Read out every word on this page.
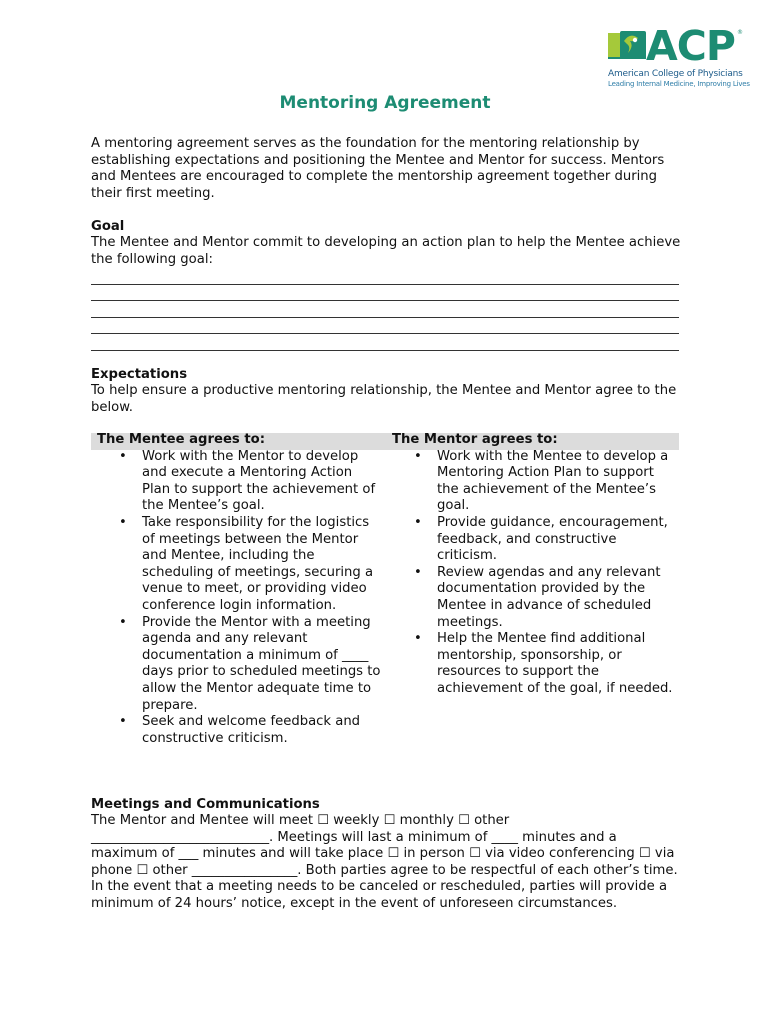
ACP ®
American College of Physicians
Leading Internal Medicine, Improving Lives
Mentoring Agreement

A mentoring agreement serves as the foundation for the mentoring relationship by establishing expectations and positioning the Mentee and Mentor for success. Mentors and Mentees are encouraged to complete the mentorship agreement together during their first meeting.

Goal

The Mentee and Mentor commit to developing an action plan to help the Mentee achieve the following goal:

Expectations

To help ensure a productive mentoring relationship, the Mentee and Mentor agree to the below.

The Mentee agrees to:

• Work with the Mentor to develop and execute a Mentoring Action Plan to support the achievement of the Mentee’s goal.
• Take responsibility for the logistics of meetings between the Mentor and Mentee, including the scheduling of meetings, securing a venue to meet, or providing video conference login information.
• Provide the Mentor with a meeting agenda and any relevant documentation a minimum of ____ days prior to scheduled meetings to allow the Mentor adequate time to prepare.
• Seek and welcome feedback and constructive criticism.

The Mentor agrees to:

• Work with the Mentee to develop a Mentoring Action Plan to support the achievement of the Mentee’s goal.
• Provide guidance, encouragement, feedback, and constructive criticism.
• Review agendas and any relevant documentation provided by the Mentee in advance of scheduled meetings.
• Help the Mentee find additional mentorship, sponsorship, or resources to support the achievement of the goal, if needed.

Meetings and Communications

The Mentor and Mentee will meet ☐ weekly ☐ monthly ☐ other ___________________________. Meetings will last a minimum of ____ minutes and a maximum of ___ minutes and will take place ☐ in person ☐ via video conferencing ☐ via phone ☐ other ________________. Both parties agree to be respectful of each other’s time. In the event that a meeting needs to be canceled or rescheduled, parties will provide a minimum of 24 hours’ notice, except in the event of unforeseen circumstances.
